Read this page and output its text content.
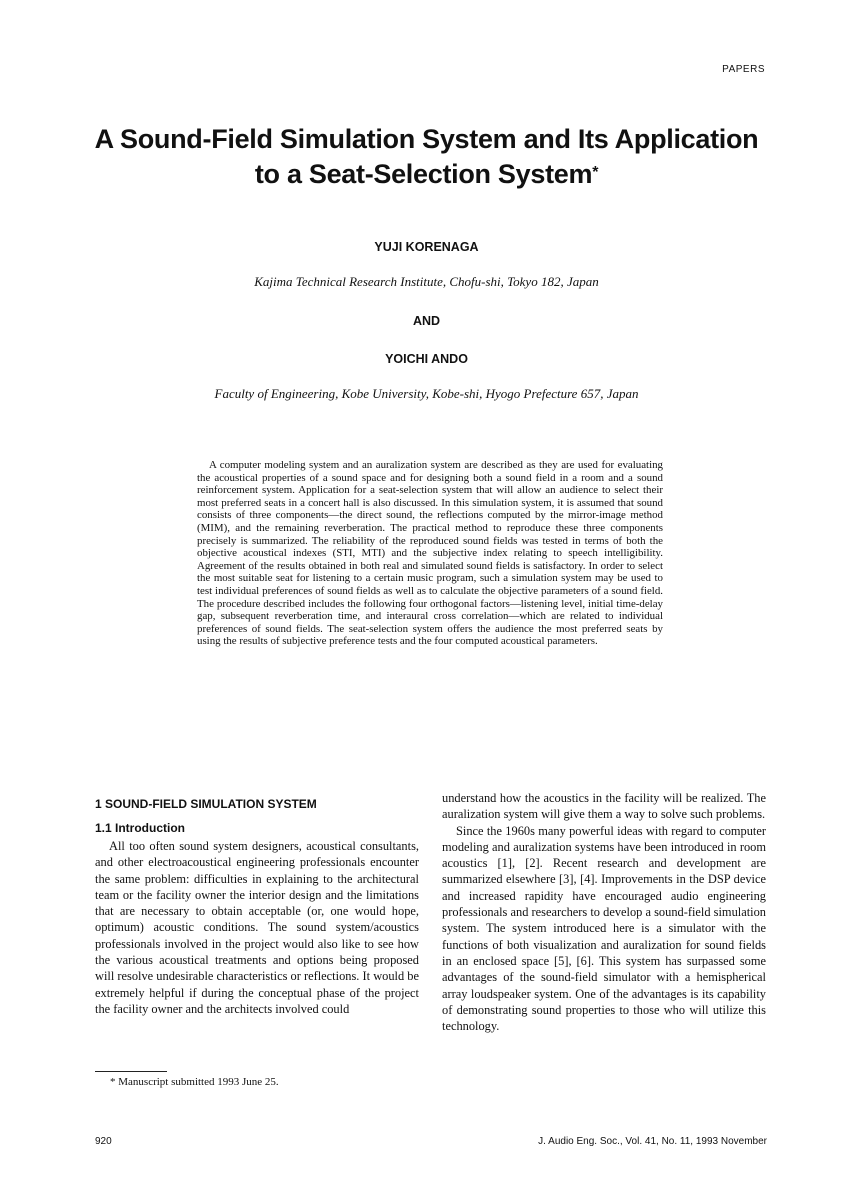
PAPERS
A Sound-Field Simulation System and Its Application
to a Seat-Selection System*
YUJI KORENAGA
Kajima Technical Research Institute, Chofu-shi, Tokyo 182, Japan
AND
YOICHI ANDO
Faculty of Engineering, Kobe University, Kobe-shi, Hyogo Prefecture 657, Japan

A computer modeling system and an auralization system are described as they are used for evaluating the acoustical properties of a sound space and for designing both a sound field in a room and a sound reinforcement system. Application for a seat-selection system that will allow an audience to select their most preferred seats in a concert hall is also discussed. In this simulation system, it is assumed that sound consists of three components—the direct sound, the reflections computed by the mirror-image method (MIM), and the remaining reverberation. The practical method to reproduce these three components precisely is summarized. The reliability of the reproduced sound fields was tested in terms of both the objective acoustical indexes (STI, MTI) and the subjective index relating to speech intelligibility. Agreement of the results obtained in both real and simulated sound fields is satisfactory. In order to select the most suitable seat for listening to a certain music program, such a simulation system may be used to test individual preferences of sound fields as well as to calculate the objective parameters of a sound field. The procedure described includes the following four orthogonal factors—listening level, initial time-delay gap, subsequent reverberation time, and interaural cross correlation—which are related to individual preferences of sound fields. The seat-selection system offers the audience the most preferred seats by using the results of subjective preference tests and the four computed acoustical parameters.

1 SOUND-FIELD SIMULATION SYSTEM
1.1 Introduction

All too often sound system designers, acoustical consultants, and other electroacoustical engineering professionals encounter the same problem: difficulties in explaining to the architectural team or the facility owner the interior design and the limitations that are necessary to obtain acceptable (or, one would hope, optimum) acoustic conditions. The sound system/acoustics professionals involved in the project would also like to see how the various acoustical treatments and options being proposed will resolve undesirable characteristics or reflections. It would be extremely helpful if during the conceptual phase of the project the facility owner and the architects involved could

understand how the acoustics in the facility will be realized. The auralization system will give them a way to solve such problems.

Since the 1960s many powerful ideas with regard to computer modeling and auralization systems have been introduced in room acoustics [1], [2]. Recent research and development are summarized elsewhere [3], [4]. Improvements in the DSP device and increased rapidity have encouraged audio engineering professionals and researchers to develop a sound-field simulation system. The system introduced here is a simulator with the functions of both visualization and auralization for sound fields in an enclosed space [5], [6]. This system has surpassed some advantages of the sound-field simulator with a hemispherical array loudspeaker system. One of the advantages is its capability of demonstrating sound properties to those who will utilize this technology.

* Manuscript submitted 1993 June 25.
920	J. Audio Eng. Soc., Vol. 41, No. 11, 1993 November
